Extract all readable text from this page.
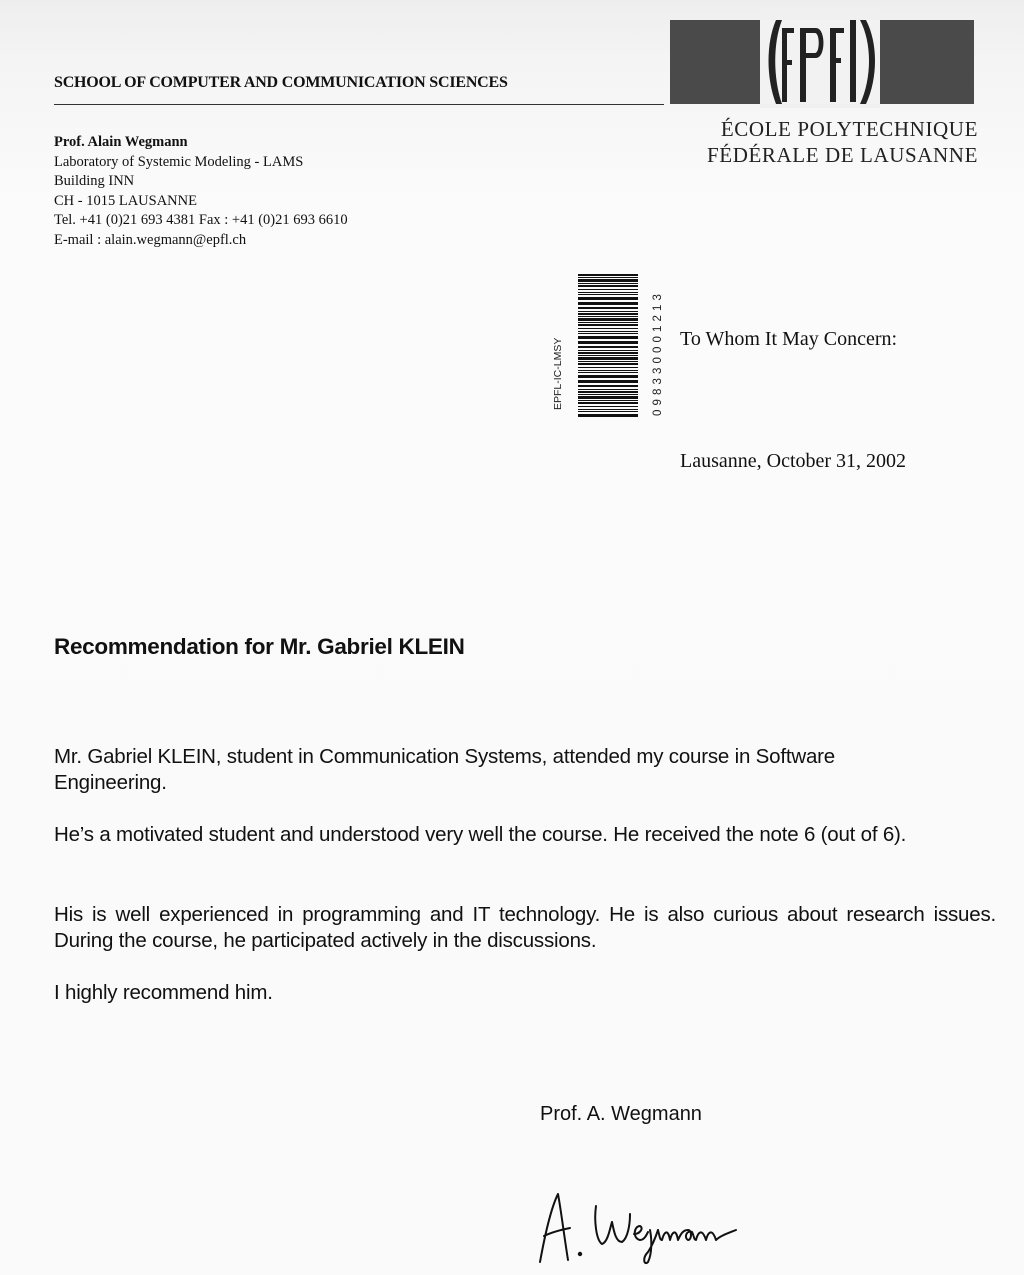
SCHOOL OF COMPUTER AND COMMUNICATION SCIENCES
Prof. Alain Wegmann
Laboratory of Systemic Modeling - LAMS
Building INN
CH - 1015 LAUSANNE
Tel. +41 (0)21 693 4381 Fax : +41 (0)21 693 6610
E-mail : alain.wegmann@epfl.ch
ÉCOLE POLYTECHNIQUE
FÉDÉRALE DE LAUSANNE
EPFL-IC-LMSY	098330001213 To Whom It May Concern:
Lausanne, October 31, 2002
Recommendation for Mr. Gabriel KLEIN
Mr. Gabriel KLEIN, student in Communication Systems, attended my course in Software Engineering.
He’s a motivated student and understood very well the course. He received the note 6 (out of 6).
His is well experienced in programming and IT technology. He is also curious about research issues. During the course, he participated actively in the discussions.
I highly recommend him.
Prof. A. Wegmann
